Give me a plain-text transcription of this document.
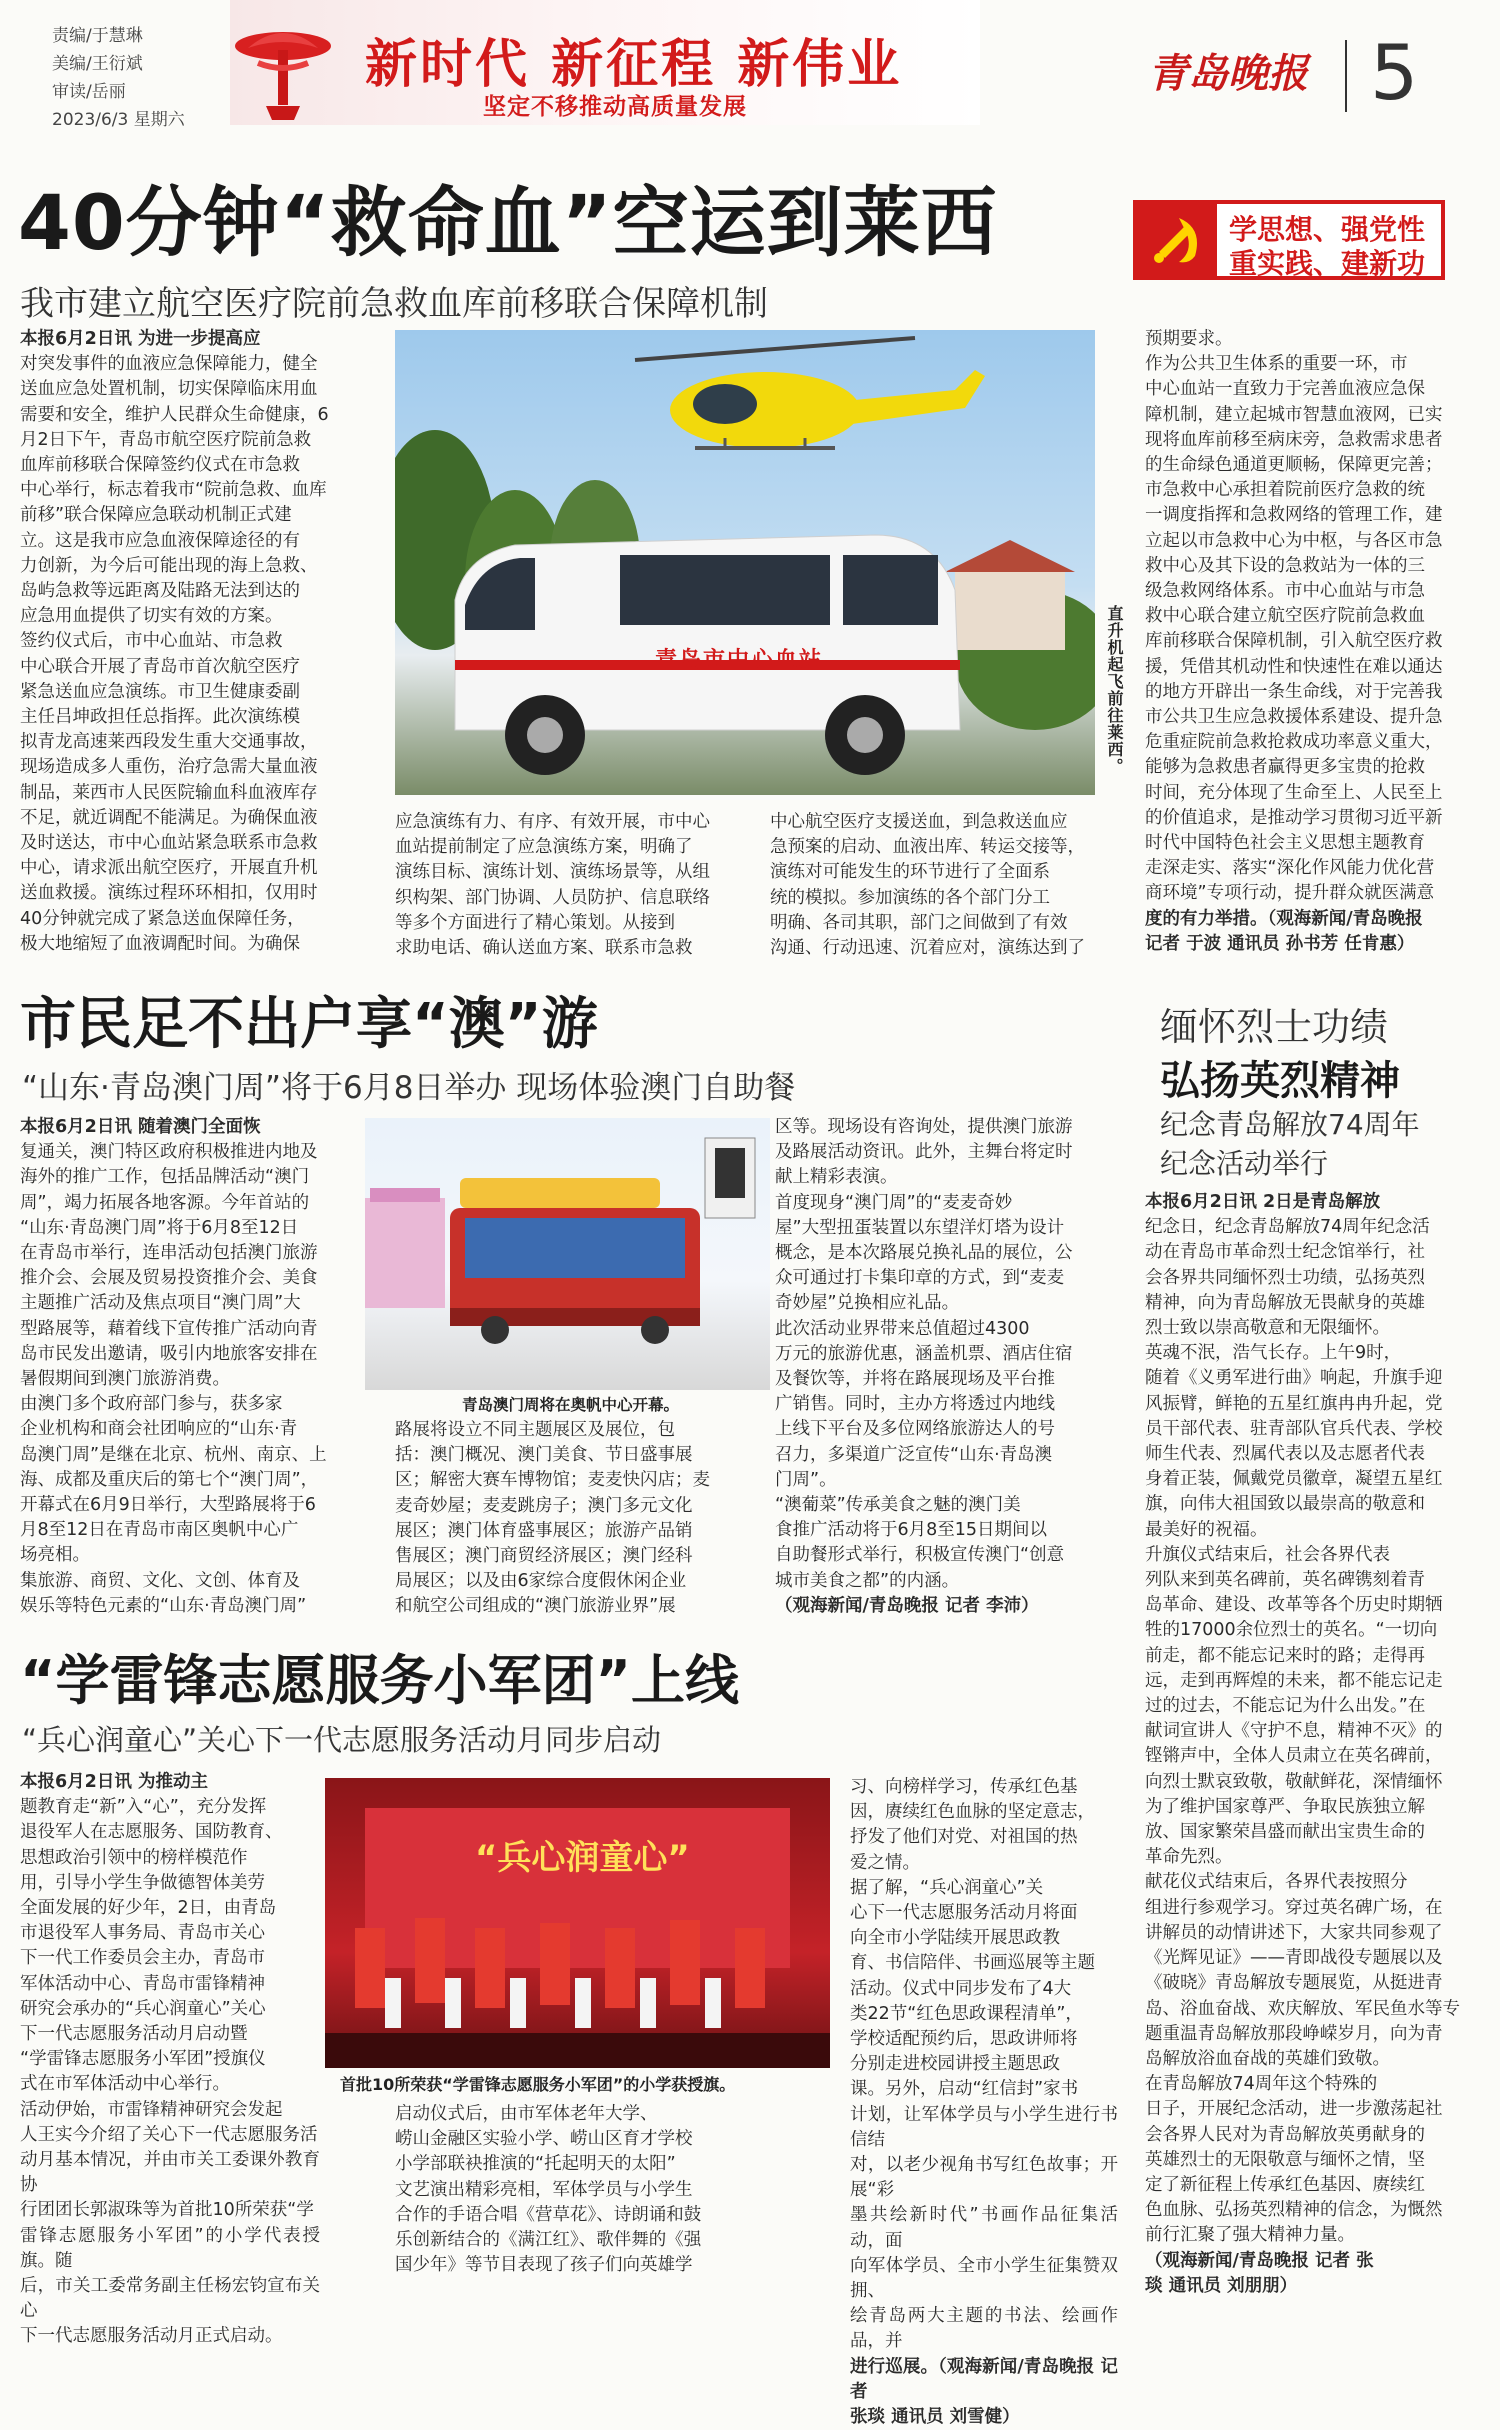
责编/于慧琳
美编/王衍斌
审读/岳丽
2023/6/3 星期六
新时代 新征程 新伟业
坚定不移推动高质量发展
青岛晚报 5
40分钟“救命血”空运到莱西	学思想、强党性
重实践、建新功
我市建立航空医疗院前急救血库前移联合保障机制
本报6月2日讯 为进一步提高应
对突发事件的血液应急保障能力，健全
送血应急处置机制，切实保障临床用血
需要和安全，维护人民群众生命健康，6
月2日下午，青岛市航空医疗院前急救
血库前移联合保障签约仪式在市急救
中心举行，标志着我市“院前急救、血库
前移”联合保障应急联动机制正式建
立。这是我市应急血液保障途径的有
力创新，为今后可能出现的海上急救、
岛屿急救等远距离及陆路无法到达的
应急用血提供了切实有效的方案。
签约仪式后，市中心血站、市急救
中心联合开展了青岛市首次航空医疗
紧急送血应急演练。市卫生健康委副
主任吕坤政担任总指挥。此次演练模
拟青龙高速莱西段发生重大交通事故，
现场造成多人重伤，治疗急需大量血液
制品，莱西市人民医院输血科血液库存
不足，就近调配不能满足。为确保血液
及时送达，市中心血站紧急联系市急救
中心，请求派出航空医疗，开展直升机
送血救援。演练过程环环相扣，仅用时
40分钟就完成了紧急送血保障任务，
极大地缩短了血液调配时间。为确保
青岛市中心血站	直升机起飞前往莱西。
应急演练有力、有序、有效开展，市中心
血站提前制定了应急演练方案，明确了
演练目标、演练计划、演练场景等，从组
织构架、部门协调、人员防护、信息联络
等多个方面进行了精心策划。从接到
求助电话、确认送血方案、联系市急救
中心航空医疗支援送血，到急救送血应
急预案的启动、血液出库、转运交接等，
演练对可能发生的环节进行了全面系
统的模拟。参加演练的各个部门分工
明确、各司其职，部门之间做到了有效
沟通、行动迅速、沉着应对，演练达到了
预期要求。
作为公共卫生体系的重要一环，市
中心血站一直致力于完善血液应急保
障机制，建立起城市智慧血液网，已实
现将血库前移至病床旁，急救需求患者
的生命绿色通道更顺畅，保障更完善；
市急救中心承担着院前医疗急救的统
一调度指挥和急救网络的管理工作，建
立起以市急救中心为中枢，与各区市急
救中心及其下设的急救站为一体的三
级急救网络体系。市中心血站与市急
救中心联合建立航空医疗院前急救血
库前移联合保障机制，引入航空医疗救
援，凭借其机动性和快速性在难以通达
的地方开辟出一条生命线，对于完善我
市公共卫生应急救援体系建设、提升急
危重症院前急救抢救成功率意义重大，
能够为急救患者赢得更多宝贵的抢救
时间，充分体现了生命至上、人民至上
的价值追求，是推动学习贯彻习近平新
时代中国特色社会主义思想主题教育
走深走实、落实“深化作风能力优化营
商环境”专项行动，提升群众就医满意
度的有力举措。（观海新闻/青岛晚报
记者 于波 通讯员 孙书芳 任肯惠）
市民足不出户享“澳”游
“山东·青岛澳门周”将于6月8日举办 现场体验澳门自助餐
本报6月2日讯 随着澳门全面恢
复通关，澳门特区政府积极推进内地及
海外的推广工作，包括品牌活动“澳门
周”，竭力拓展各地客源。今年首站的
“山东·青岛澳门周”将于6月8至12日
在青岛市举行，连串活动包括澳门旅游
推介会、会展及贸易投资推介会、美食
主题推广活动及焦点项目“澳门周”大
型路展等，藉着线下宣传推广活动向青
岛市民发出邀请，吸引内地旅客安排在
暑假期间到澳门旅游消费。
由澳门多个政府部门参与，获多家
企业机构和商会社团响应的“山东·青
岛澳门周”是继在北京、杭州、南京、上
海、成都及重庆后的第七个“澳门周”，
开幕式在6月9日举行，大型路展将于6
月8至12日在青岛市南区奥帆中心广
场亮相。
集旅游、商贸、文化、文创、体育及
娱乐等特色元素的“山东·青岛澳门周”
青岛澳门周将在奥帆中心开幕。
路展将设立不同主题展区及展位，包
括：澳门概况、澳门美食、节日盛事展
区；解密大赛车博物馆；麦麦快闪店；麦
麦奇妙屋；麦麦跳房子；澳门多元文化
展区；澳门体育盛事展区；旅游产品销
售展区；澳门商贸经济展区；澳门经科
局展区；以及由6家综合度假休闲企业
和航空公司组成的“澳门旅游业界”展
区等。现场设有咨询处，提供澳门旅游
及路展活动资讯。此外，主舞台将定时
献上精彩表演。
首度现身“澳门周”的“麦麦奇妙
屋”大型扭蛋装置以东望洋灯塔为设计
概念，是本次路展兑换礼品的展位，公
众可通过打卡集印章的方式，到“麦麦
奇妙屋”兑换相应礼品。
此次活动业界带来总值超过4300
万元的旅游优惠，涵盖机票、酒店住宿
及餐饮等，并将在路展现场及平台推
广销售。同时，主办方将透过内地线
上线下平台及多位网络旅游达人的号
召力，多渠道广泛宣传“山东·青岛澳
门周”。
“澳葡菜”传承美食之魅的澳门美
食推广活动将于6月8至15日期间以
自助餐形式举行，积极宣传澳门“创意
城市美食之都”的内涵。
（观海新闻/青岛晚报 记者 李沛）
缅怀烈士功绩
弘扬英烈精神
纪念青岛解放74周年
纪念活动举行
本报6月2日讯 2日是青岛解放
纪念日，纪念青岛解放74周年纪念活
动在青岛市革命烈士纪念馆举行，社
会各界共同缅怀烈士功绩，弘扬英烈
精神，向为青岛解放无畏献身的英雄
烈士致以崇高敬意和无限缅怀。
英魂不泯，浩气长存。上午9时，
随着《义勇军进行曲》响起，升旗手迎
风振臂，鲜艳的五星红旗冉冉升起，党
员干部代表、驻青部队官兵代表、学校
师生代表、烈属代表以及志愿者代表
身着正装，佩戴党员徽章，凝望五星红
旗，向伟大祖国致以最崇高的敬意和
最美好的祝福。
升旗仪式结束后，社会各界代表
列队来到英名碑前，英名碑镌刻着青
岛革命、建设、改革等各个历史时期牺
牲的17000余位烈士的英名。“一切向
前走，都不能忘记来时的路；走得再
远，走到再辉煌的未来，都不能忘记走
过的过去，不能忘记为什么出发。”在
献词宣讲人《守护不息，精神不灭》的
铿锵声中，全体人员肃立在英名碑前，
向烈士默哀致敬，敬献鲜花，深情缅怀
为了维护国家尊严、争取民族独立解
放、国家繁荣昌盛而献出宝贵生命的
革命先烈。
献花仪式结束后，各界代表按照分
组进行参观学习。穿过英名碑广场，在
讲解员的动情讲述下，大家共同参观了
《光辉见证》——青即战役专题展以及
《破晓》青岛解放专题展览，从挺进青
岛、浴血奋战、欢庆解放、军民鱼水等专
题重温青岛解放那段峥嵘岁月，向为青
岛解放浴血奋战的英雄们致敬。
在青岛解放74周年这个特殊的
日子，开展纪念活动，进一步激荡起社
会各界人民对为青岛解放英勇献身的
英雄烈士的无限敬意与缅怀之情，坚
定了新征程上传承红色基因、赓续红
色血脉、弘扬英烈精神的信念，为慨然
前行汇聚了强大精神力量。
（观海新闻/青岛晚报 记者 张
琰 通讯员 刘朋朋）
“学雷锋志愿服务小军团”上线
“兵心润童心”关心下一代志愿服务活动月同步启动
本报6月2日讯 为推动主
题教育走“新”入“心”，充分发挥
退役军人在志愿服务、国防教育、
思想政治引领中的榜样模范作
用，引导小学生争做德智体美劳
全面发展的好少年，2日，由青岛
市退役军人事务局、青岛市关心
下一代工作委员会主办，青岛市
军体活动中心、青岛市雷锋精神
研究会承办的“兵心润童心”关心
下一代志愿服务活动月启动暨
“学雷锋志愿服务小军团”授旗仪
式在市军体活动中心举行。
活动伊始，市雷锋精神研究会发起
人王实今介绍了关心下一代志愿服务活
动月基本情况，并由市关工委课外教育协
行团团长郭淑珠等为首批10所荣获“学
雷锋志愿服务小军团”的小学代表授旗。随
后，市关工委常务副主任杨宏钧宣布关心
下一代志愿服务活动月正式启动。
“兵心润童心”
首批10所荣获“学雷锋志愿服务小军团”的小学获授旗。
启动仪式后，由市军体老年大学、
崂山金融区实验小学、崂山区育才学校
小学部联袂推演的“托起明天的太阳”
文艺演出精彩亮相，军体学员与小学生
合作的手语合唱《营草花》、诗朗诵和鼓
乐创新结合的《满江红》、歌伴舞的《强
国少年》等节目表现了孩子们向英雄学
习、向榜样学习，传承红色基
因，赓续红色血脉的坚定意志，
抒发了他们对党、对祖国的热
爱之情。
据了解，“兵心润童心”关
心下一代志愿服务活动月将面
向全市小学陆续开展思政教
育、书信陪伴、书画巡展等主题
活动。仪式中同步发布了4大
类22节“红色思政课程清单”，
学校适配预约后，思政讲师将
分别走进校园讲授主题思政
课。另外，启动“红信封”家书
计划，让军体学员与小学生进行书信结
对，以老少视角书写红色故事；开展“彩
墨共绘新时代”书画作品征集活动，面
向军体学员、全市小学生征集赞双拥、
绘青岛两大主题的书法、绘画作品，并
进行巡展。（观海新闻/青岛晚报 记者
张琰 通讯员 刘雪健）
